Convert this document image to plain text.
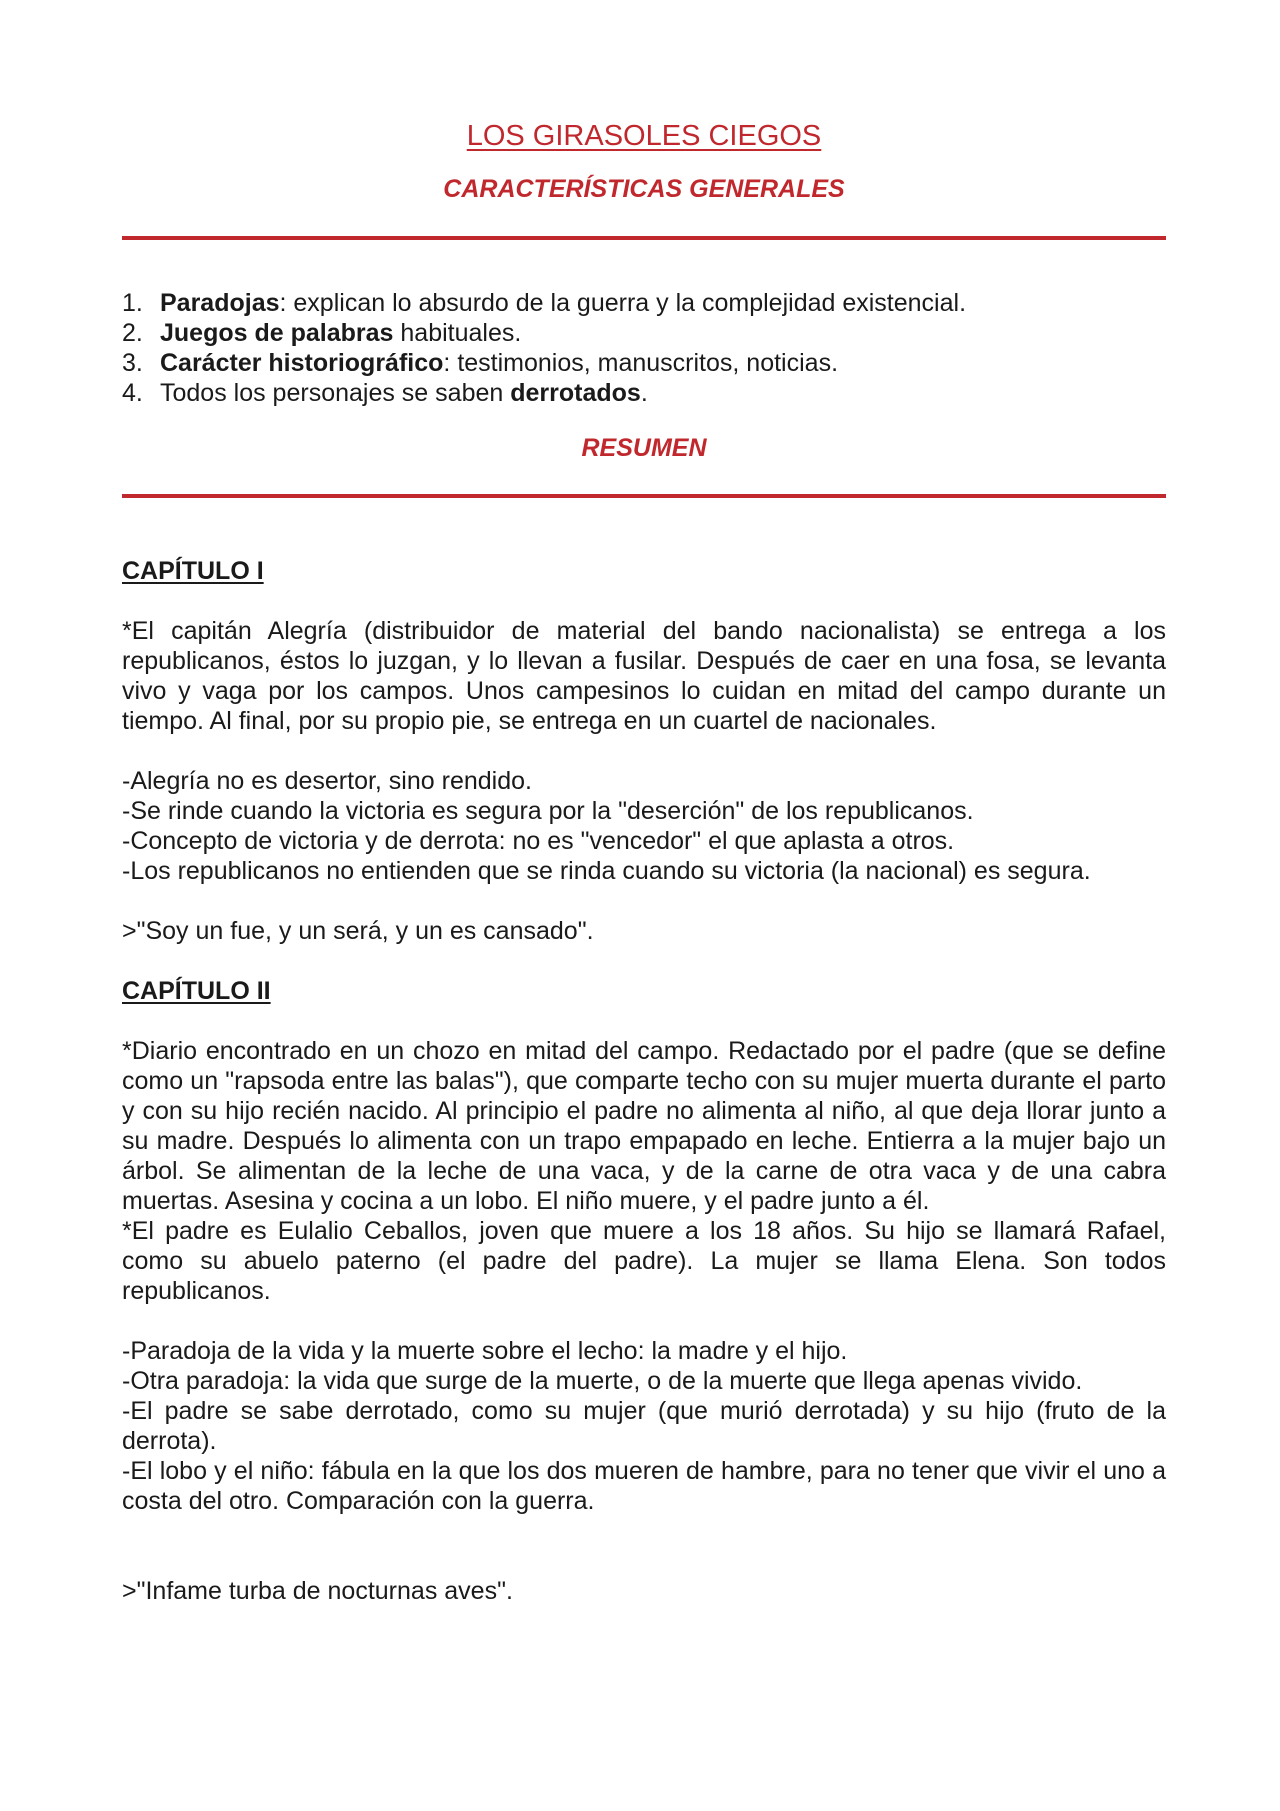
LOS GIRASOLES CIEGOS
CARACTERÍSTICAS GENERALES
1. Paradojas: explican lo absurdo de la guerra y la complejidad existencial.
2. Juegos de palabras habituales.
3. Carácter historiográfico: testimonios, manuscritos, noticias.
4. Todos los personajes se saben derrotados.
RESUMEN

CAPÍTULO I

*El capitán Alegría (distribuidor de material del bando nacionalista) se entrega a los republicanos, éstos lo juzgan, y lo llevan a fusilar. Después de caer en una fosa, se levanta vivo y vaga por los campos. Unos campesinos lo cuidan en mitad del campo durante un tiempo. Al final, por su propio pie, se entrega en un cuartel de nacionales.

-Alegría no es desertor, sino rendido.
-Se rinde cuando la victoria es segura por la "deserción" de los republicanos.
-Concepto de victoria y de derrota: no es "vencedor" el que aplasta a otros.
-Los republicanos no entienden que se rinda cuando su victoria (la nacional) es segura.

>"Soy un fue, y un será, y un es cansado".

CAPÍTULO II

*Diario encontrado en un chozo en mitad del campo. Redactado por el padre (que se define como un "rapsoda entre las balas"), que comparte techo con su mujer muerta durante el parto y con su hijo recién nacido. Al principio el padre no alimenta al niño, al que deja llorar junto a su madre. Después lo alimenta con un trapo empapado en leche. Entierra a la mujer bajo un árbol. Se alimentan de la leche de una vaca, y de la carne de otra vaca y de una cabra muertas. Asesina y cocina a un lobo. El niño muere, y el padre junto a él.

*El padre es Eulalio Ceballos, joven que muere a los 18 años. Su hijo se llamará Rafael, como su abuelo paterno (el padre del padre). La mujer se llama Elena. Son todos republicanos.

-Paradoja de la vida y la muerte sobre el lecho: la madre y el hijo.
-Otra paradoja: la vida que surge de la muerte, o de la muerte que llega apenas vivido.
-El padre se sabe derrotado, como su mujer (que murió derrotada) y su hijo (fruto de la derrota).
-El lobo y el niño: fábula en la que los dos mueren de hambre, para no tener que vivir el uno a costa del otro. Comparación con la guerra.

>"Infame turba de nocturnas aves".
